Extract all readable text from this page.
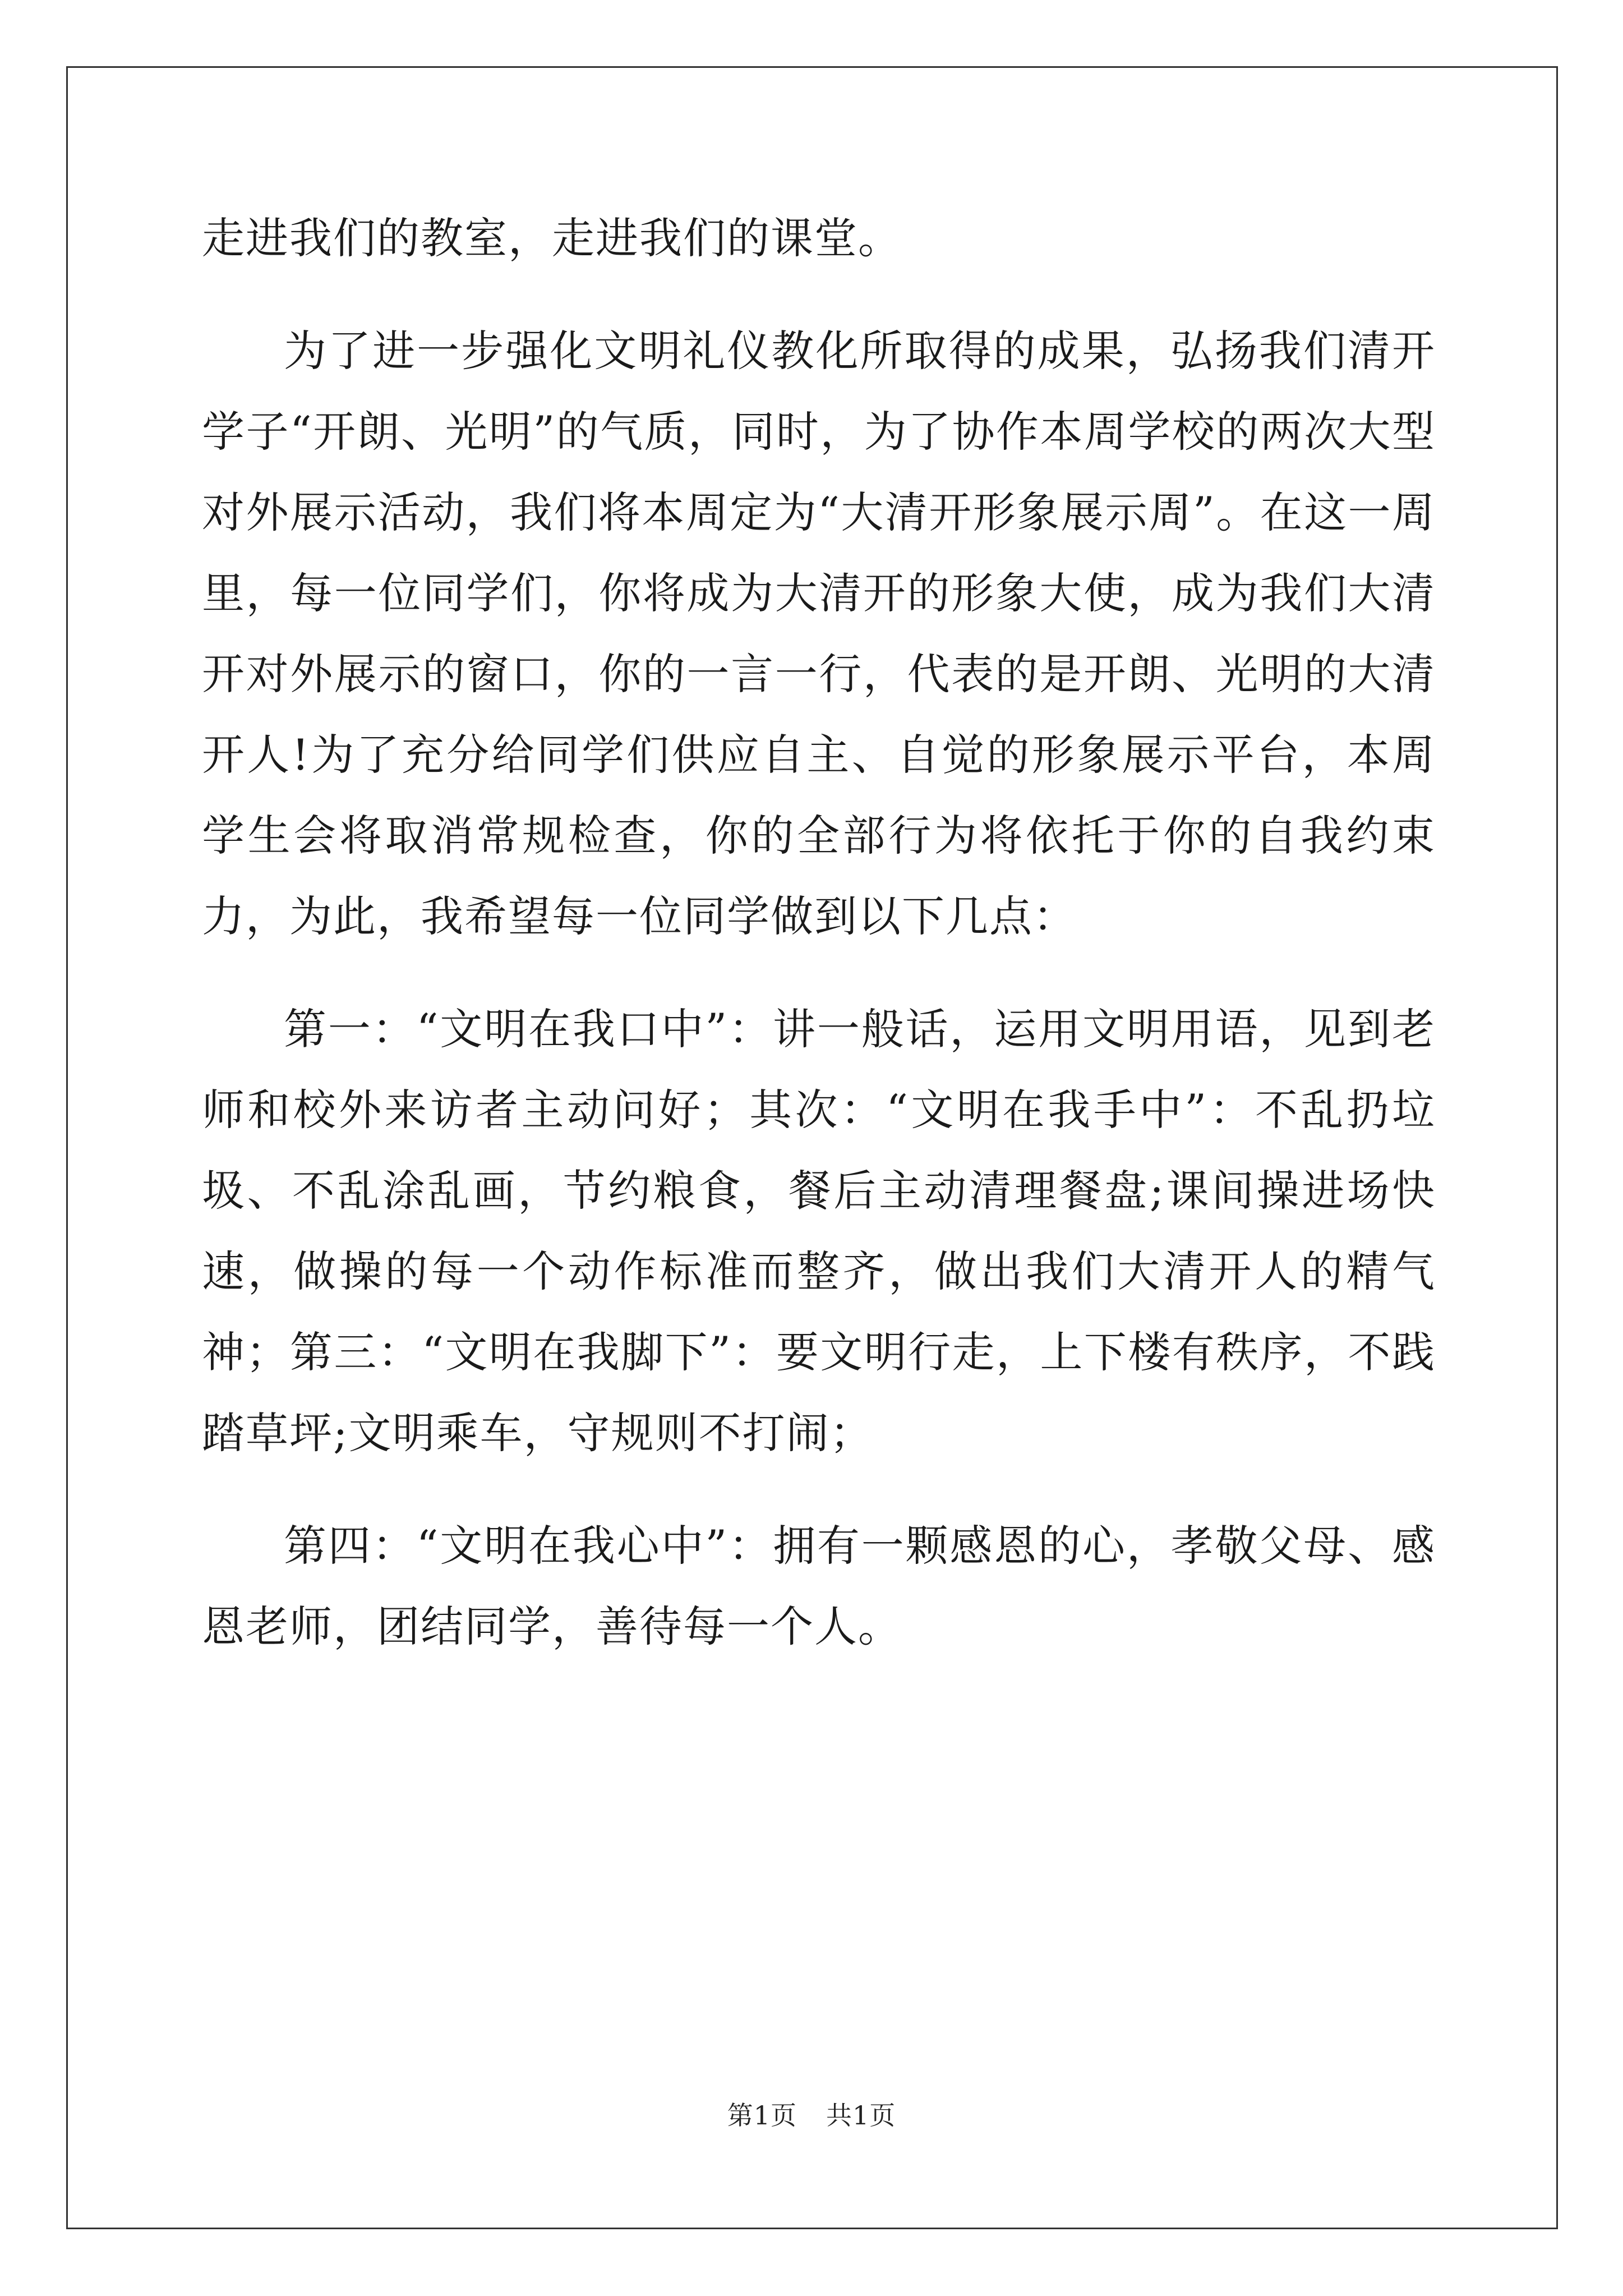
走进我们的教室，走进我们的课堂。

为了进一步强化文明礼仪教化所取得的成果，弘扬我们清开学子“开朗、光明”的气质，同时，为了协作本周学校的两次大型对外展示活动，我们将本周定为“大清开形象展示周”。在这一周里，每一位同学们，你将成为大清开的形象大使，成为我们大清开对外展示的窗口，你的一言一行，代表的是开朗、光明的大清开人!为了充分给同学们供应自主、自觉的形象展示平台，本周学生会将取消常规检查，你的全部行为将依托于你的自我约束力，为此，我希望每一位同学做到以下几点：

第一：“文明在我口中”：讲一般话，运用文明用语，见到老师和校外来访者主动问好；其次：“文明在我手中”：不乱扔垃圾、不乱涂乱画，节约粮食，餐后主动清理餐盘;课间操进场快速，做操的每一个动作标准而整齐，做出我们大清开人的精气神；第三：“文明在我脚下”：要文明行走，上下楼有秩序，不践踏草坪;文明乘车，守规则不打闹；

第四：“文明在我心中”：拥有一颗感恩的心，孝敬父母、感恩老师，团结同学，善待每一个人。

第1页 共1页
